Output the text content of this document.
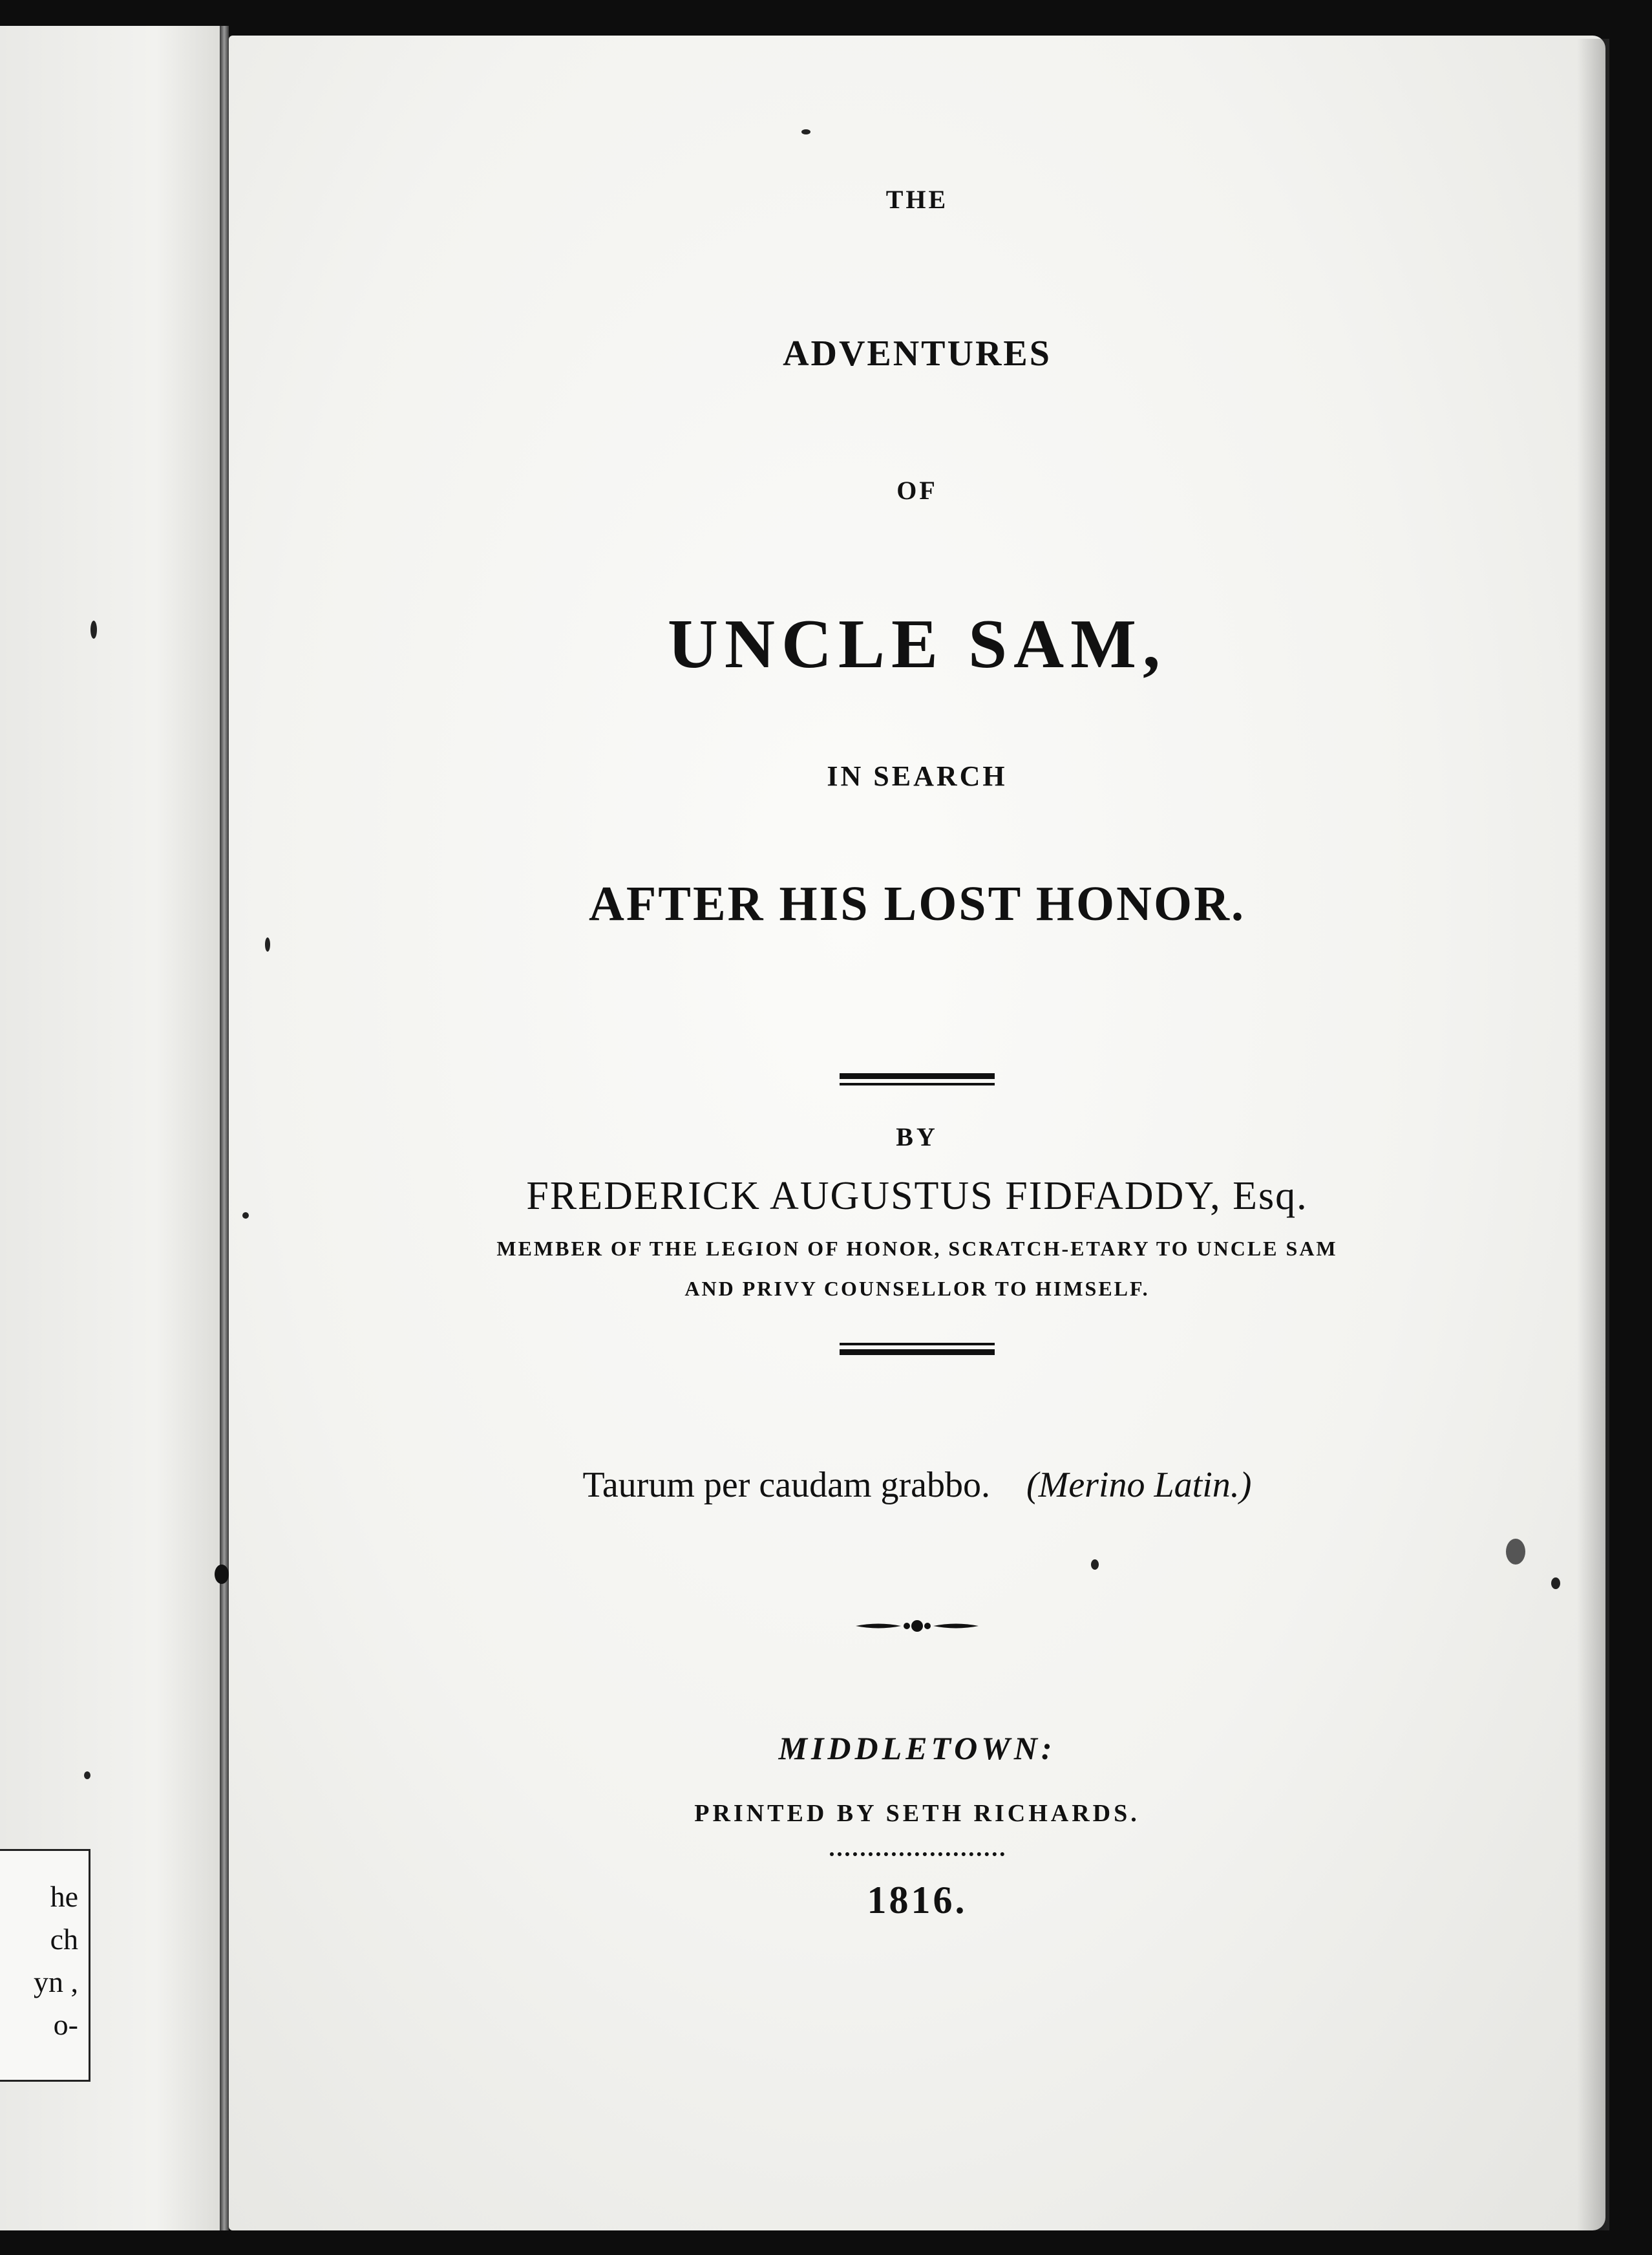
he
ch
yn ,
o-
THE
ADVENTURES
OF
UNCLE SAM,
IN SEARCH
AFTER HIS LOST HONOR.
BY
FREDERICK AUGUSTUS FIDFADDY, Esq.
MEMBER OF THE LEGION OF HONOR, SCRATCH-ETARY TO UNCLE SAM
AND PRIVY COUNSELLOR TO HIMSELF.
Taurum per caudam grabbo. (Merino Latin.)
MIDDLETOWN:
PRINTED BY SETH RICHARDS.
1816.
